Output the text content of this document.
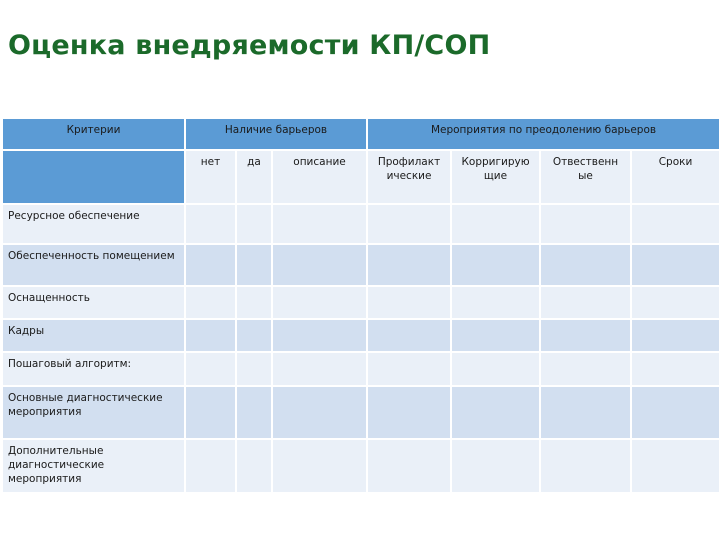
Оценка внедряемости КП/СОП
Критерии	Наличие барьеров			Мероприятия по преодолению барьеров			
	нет	да	описание	Профилакт ические	Корригирую щие	Отвественн ые	Сроки
Ресурсное обеспечение							
Обеспеченность помещением							
Оснащенность							
Кадры							
Пошаговый алгоритм:							
Основные диагностические мероприятия							
Дополнительные диагностические мероприятия							
